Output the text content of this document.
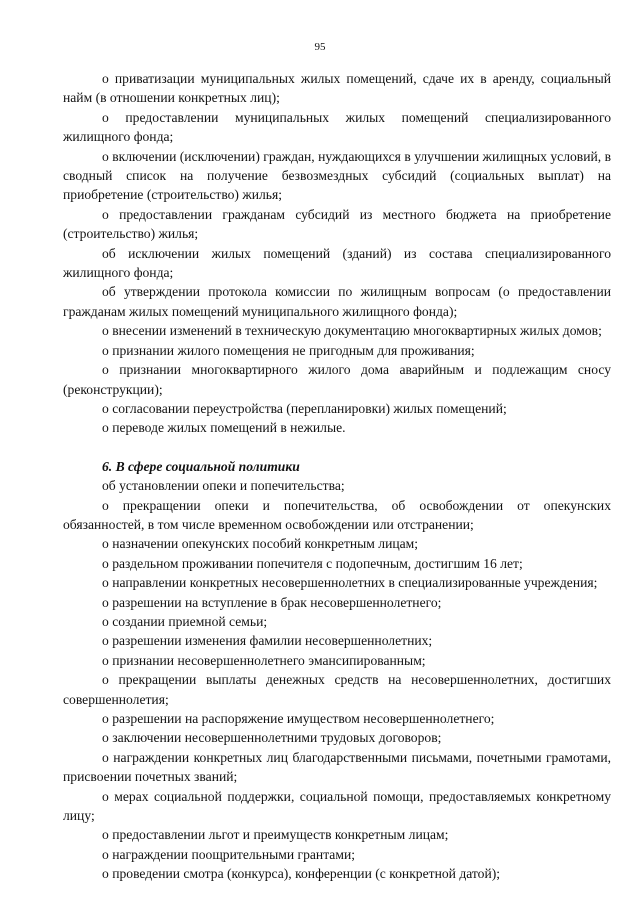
95

о приватизации муниципальных жилых помещений, сдаче их в аренду, социальный найм (в отношении конкретных лиц);

о предоставлении муниципальных жилых помещений специализированного жилищного фонда;

о включении (исключении) граждан, нуждающихся в улучшении жилищных условий, в сводный список на получение безвозмездных субсидий (социальных выплат) на приобретение (строительство) жилья;

о предоставлении гражданам субсидий из местного бюджета на приобретение (строительство) жилья;

об исключении жилых помещений (зданий) из состава специализированного жилищного фонда;

об утверждении протокола комиссии по жилищным вопросам (о предоставлении гражданам жилых помещений муниципального жилищного фонда);

о внесении изменений в техническую документацию многоквартирных жилых домов;

о признании жилого помещения не пригодным для проживания;

о признании многоквартирного жилого дома аварийным и подлежащим сносу (реконструкции);

о согласовании переустройства (перепланировки) жилых помещений;

о переводе жилых помещений в нежилые.

6. В сфере социальной политики

об установлении опеки и попечительства;

о прекращении опеки и попечительства, об освобождении от опекунских обязанностей, в том числе временном освобождении или отстранении;

о назначении опекунских пособий конкретным лицам;

о раздельном проживании попечителя с подопечным, достигшим 16 лет;

о направлении конкретных несовершеннолетних в специализированные учреждения;

о разрешении на вступление в брак несовершеннолетнего;

о создании приемной семьи;

о разрешении изменения фамилии несовершеннолетних;

о признании несовершеннолетнего эмансипированным;

о прекращении выплаты денежных средств на несовершеннолетних, достигших совершеннолетия;

о разрешении на распоряжение имуществом несовершеннолетнего;

о заключении несовершеннолетними трудовых договоров;

о награждении конкретных лиц благодарственными письмами, почетными грамотами, присвоении почетных званий;

о мерах социальной поддержки, социальной помощи, предоставляемых конкретному лицу;

о предоставлении льгот и преимуществ конкретным лицам;

о награждении поощрительными грантами;

о проведении смотра (конкурса), конференции (с конкретной датой);
